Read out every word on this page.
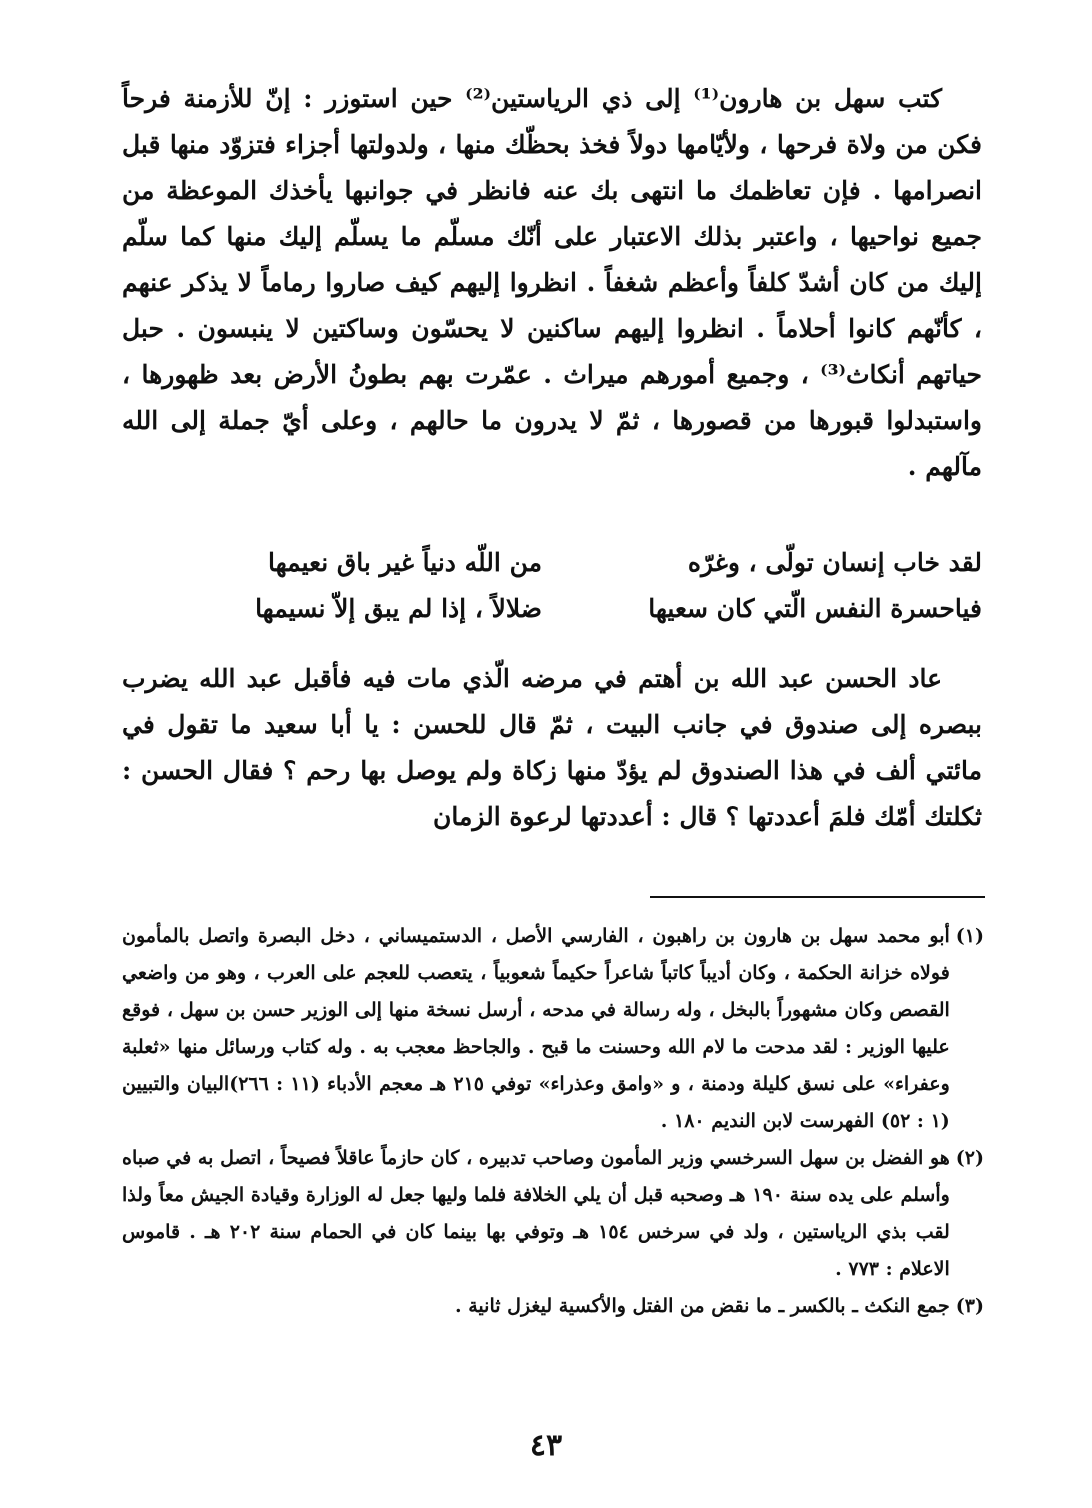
كتب سهل بن هارون⁽¹⁾ إلى ذي الرياستين⁽²⁾ حين استوزر : إنّ للأزمنة فرحاً فكن من ولاة فرحها ، ولأيّامها دولاً فخذ بحظّك منها ، ولدولتها أجزاء فتزوّد منها قبل انصرامها . فإن تعاظمك ما انتهى بك عنه فانظر في جوانبها يأخذك الموعظة من جميع نواحيها ، واعتبر بذلك الاعتبار على أنّك مسلّم ما يسلّم إليك منها كما سلّم إليك من كان أشدّ كلفاً وأعظم شغفاً . انظروا إليهم كيف صاروا رماماً لا يذكر عنهم ، كأنّهم كانوا أحلاماً . انظروا إليهم ساكنين لا يحسّون وساكتين لا ينبسون . حبل حياتهم أنكاث⁽³⁾ ، وجميع أمورهم ميراث . عمّرت بهم بطونُ الأرض بعد ظهورها ، واستبدلوا قبورها من قصورها ، ثمّ لا يدرون ما حالهم ، وعلى أيّ جملة إلى الله مآلهم .

لقد خاب إنسان تولّى ، وغرّه
من اللّه دنياً غير باق نعيمها
فياحسرة النفس الّتي كان سعيها
ضلالاً ، إذا لم يبق إلاّ نسيمها

عاد الحسن عبد الله بن أهتم في مرضه الّذي مات فيه فأقبل عبد الله يضرب ببصره إلى صندوق في جانب البيت ، ثمّ قال للحسن : يا أبا سعيد ما تقول في مائتي ألف في هذا الصندوق لم يؤدّ منها زكاة ولم يوصل بها رحم ؟ فقال الحسن : ثكلتك أمّك فلمَ أعددتها ؟ قال : أعددتها لرعوة الزمان

(١)
أبو محمد سهل بن هارون بن راهبون ، الفارسي الأصل ، الدستميساني ، دخل البصرة واتصل بالمأمون فولاه خزانة الحكمة ، وكان أديباً كاتباً شاعراً حكيماً شعوبياً ، يتعصب للعجم على العرب ، وهو من واضعي القصص وكان مشهوراً بالبخل ، وله رسالة في مدحه ، أرسل نسخة منها إلى الوزير حسن بن سهل ، فوقع عليها الوزير : لقد مدحت ما لام الله وحسنت ما قبح . والجاحظ معجب به . وله كتاب ورسائل منها «ثعلبة وعفراء» على نسق كليلة ودمنة ، و «وامق وعذراء» توفي ٢١٥ هـ معجم الأدباء (١١ : ٢٦٦)البيان والتبيين (١ : ٥٢) الفهرست لابن النديم ١٨٠ .
(٢)
هو الفضل بن سهل السرخسي وزير المأمون وصاحب تدبيره ، كان حازماً عاقلاً فصيحاً ، اتصل به في صباه وأسلم على يده سنة ١٩٠ هـ وصحبه قبل أن يلي الخلافة فلما وليها جعل له الوزارة وقيادة الجيش معاً ولذا لقب بذي الرياستين ، ولد في سرخس ١٥٤ هـ وتوفي بها بينما كان في الحمام سنة ٢٠٢ هـ . قاموس الاعلام : ٧٧٣ .
(٣)
جمع النكث ـ بالكسر ـ ما نقض من الفتل والأكسية ليغزل ثانية .
٤٣
